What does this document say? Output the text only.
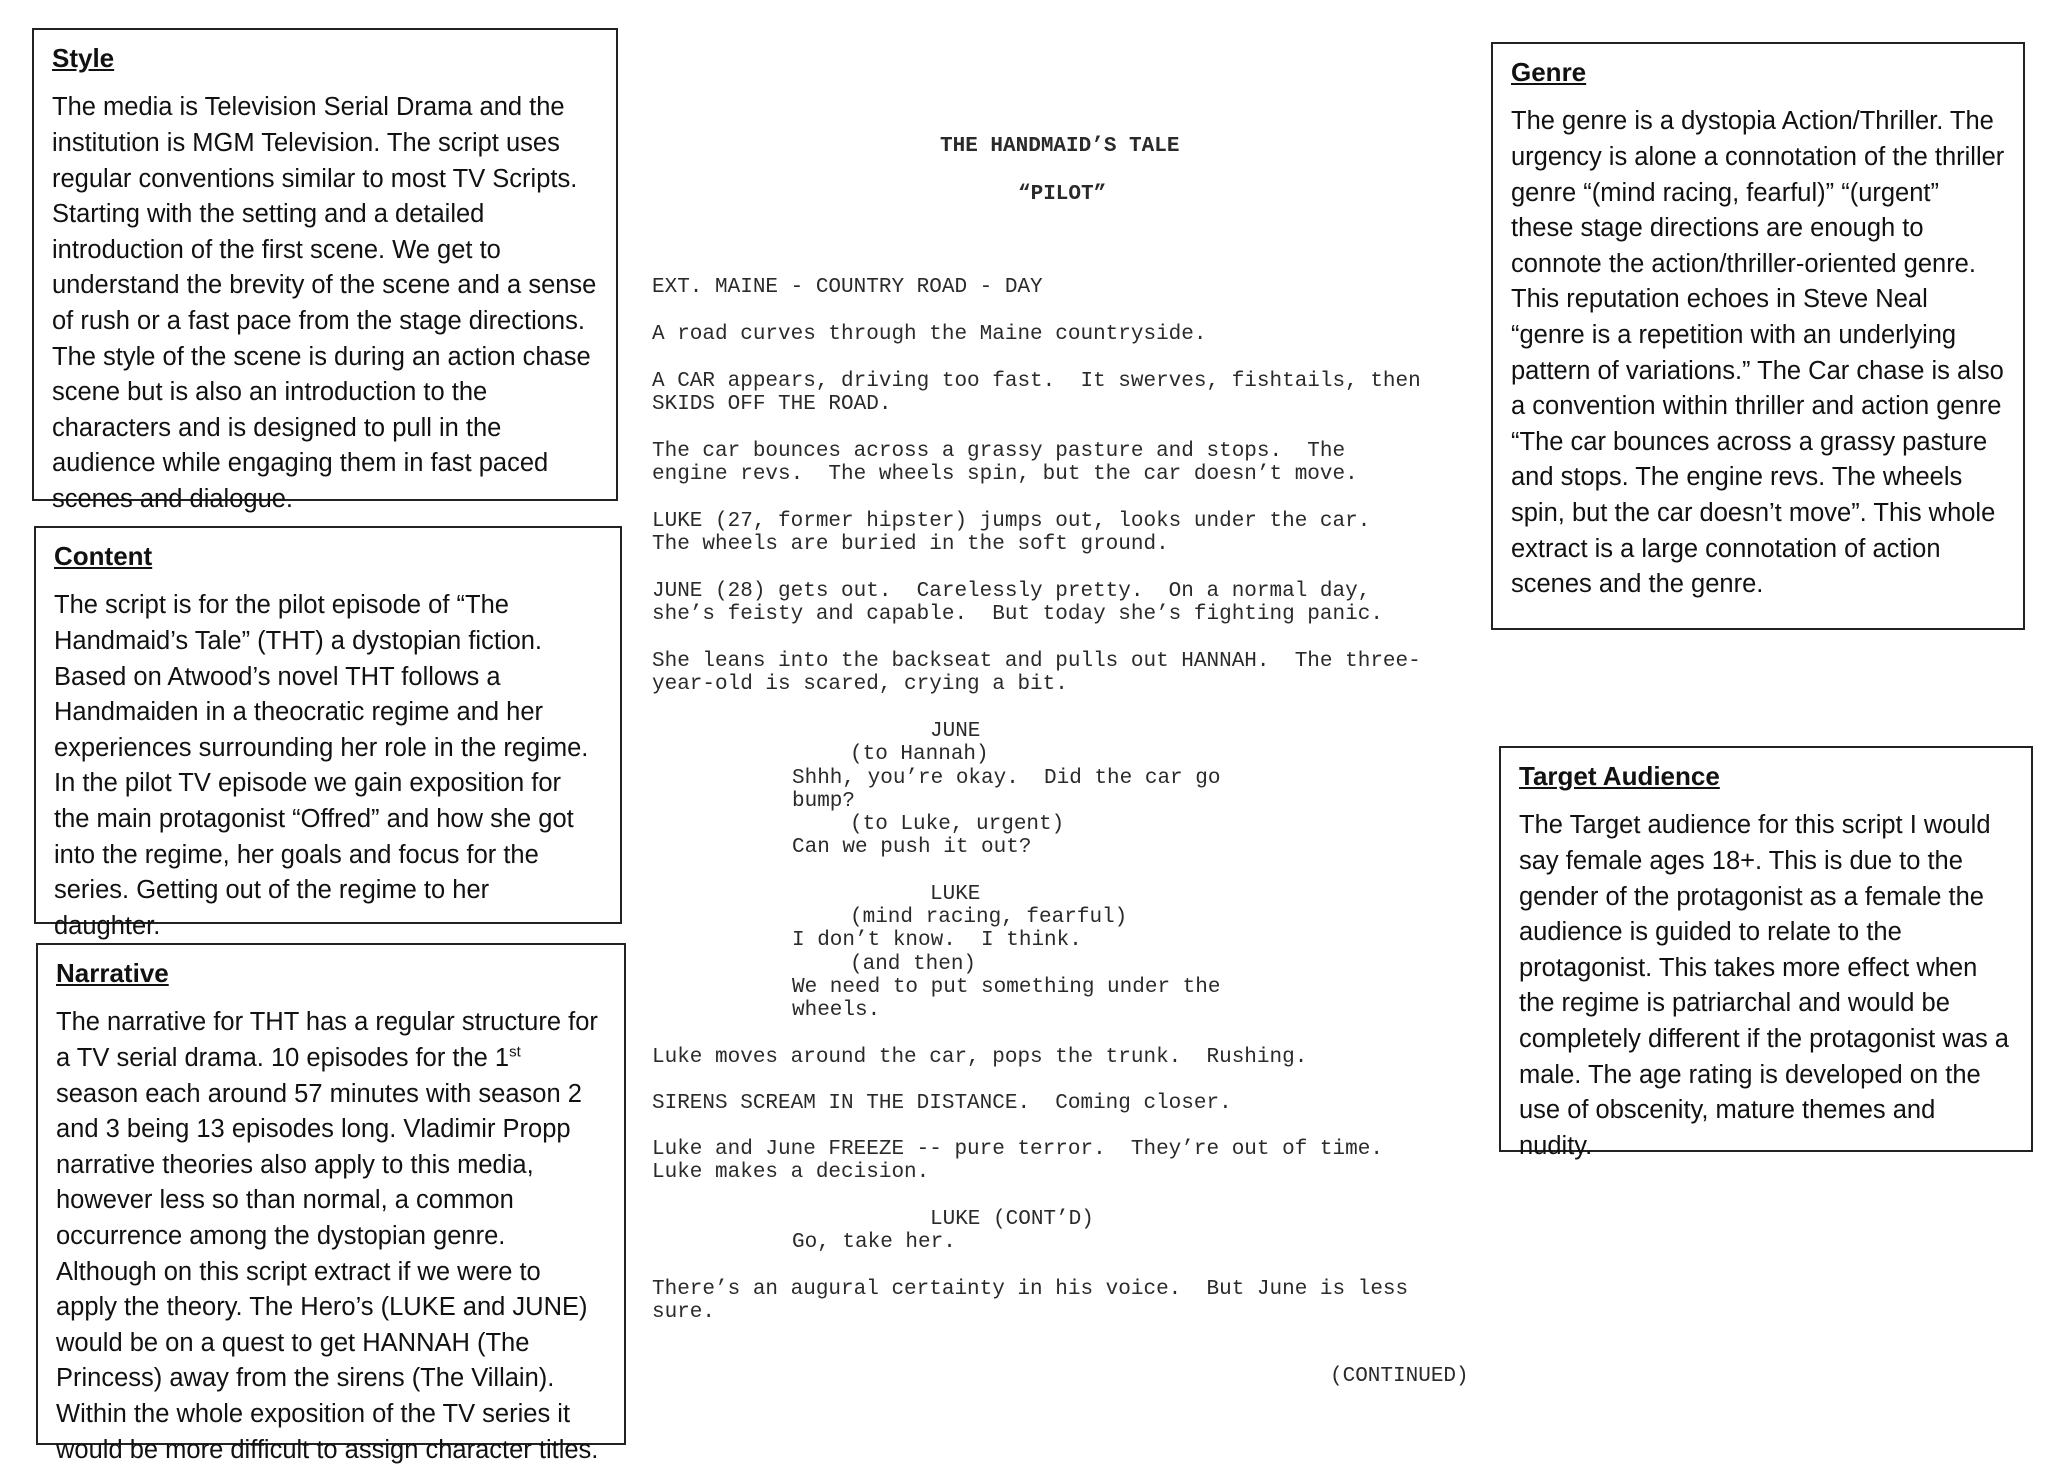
Style

The media is Television Serial Drama and the institution is MGM Television. The script uses regular conventions similar to most TV Scripts. Starting with the setting and a detailed introduction of the first scene. We get to understand the brevity of the scene and a sense of rush or a fast pace from the stage directions. The style of the scene is during an action chase scene but is also an introduction to the characters and is designed to pull in the audience while engaging them in fast paced scenes and dialogue.

Content

The script is for the pilot episode of “The Handmaid’s Tale” (THT) a dystopian fiction. Based on Atwood’s novel THT follows a Handmaiden in a theocratic regime and her experiences surrounding her role in the regime. In the pilot TV episode we gain exposition for the main protagonist “Offred” and how she got into the regime, her goals and focus for the series. Getting out of the regime to her daughter.

Narrative

The narrative for THT has a regular structure for a TV serial drama. 10 episodes for the 1st season each around 57 minutes with season 2 and 3 being 13 episodes long. Vladimir Propp narrative theories also apply to this media, however less so than normal, a common occurrence among the dystopian genre. Although on this script extract if we were to apply the theory. The Hero’s (LUKE and JUNE) would be on a quest to get HANNAH (The Princess) away from the sirens (The Villain). Within the whole exposition of the TV series it would be more difficult to assign character titles.

Genre

The genre is a dystopia Action/Thriller. The urgency is alone a connotation of the thriller genre “(mind racing, fearful)” “(urgent” these stage directions are enough to connote the action/thriller-oriented genre. This reputation echoes in Steve Neal “genre is a repetition with an underlying pattern of variations.” The Car chase is also a convention within thriller and action genre “The car bounces across a grassy pasture and stops. The engine revs. The wheels spin, but the car doesn’t move”. This whole extract is a large connotation of action scenes and the genre.

Target Audience

The Target audience for this script I would say female ages 18+. This is due to the gender of the protagonist as a female the audience is guided to relate to the protagonist. This takes more effect when the regime is patriarchal and would be completely different if the protagonist was a male. The age rating is developed on the use of obscenity, mature themes and nudity.

THE HANDMAID’S TALE
“PILOT”
EXT. MAINE - COUNTRY ROAD - DAY
A road curves through the Maine countryside.
A CAR appears, driving too fast.  It swerves, fishtails, then
SKIDS OFF THE ROAD.
The car bounces across a grassy pasture and stops.  The
engine revs.  The wheels spin, but the car doesn’t move.
LUKE (27, former hipster) jumps out, looks under the car.
The wheels are buried in the soft ground.
JUNE (28) gets out.  Carelessly pretty.  On a normal day,
she’s feisty and capable.  But today she’s fighting panic.
She leans into the backseat and pulls out HANNAH.  The three-
year-old is scared, crying a bit.
JUNE
(to Hannah)
Shhh, you’re okay.  Did the car go
bump?
(to Luke, urgent)
Can we push it out?
LUKE
(mind racing, fearful)
I don’t know.  I think.
(and then)
We need to put something under the
wheels.
Luke moves around the car, pops the trunk.  Rushing.
SIRENS SCREAM IN THE DISTANCE.  Coming closer.
Luke and June FREEZE -- pure terror.  They’re out of time.
Luke makes a decision.
LUKE (CONT’D)
Go, take her.
There’s an augural certainty in his voice.  But June is less
sure.
(CONTINUED)
